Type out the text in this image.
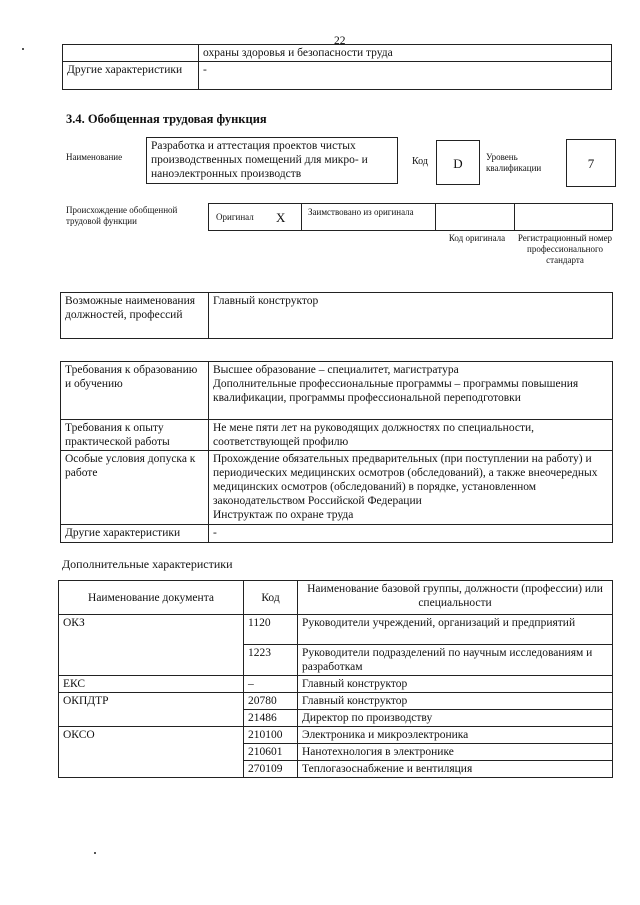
22
	охраны здоровья и безопасности труда
Другие характеристики	-
3.4. Обобщенная трудовая функция
Наименование
Разработка и аттестация проектов чистых производственных помещений для микро- и наноэлектронных производств
Код	D	Уровень квалификации	7
Происхождение обобщенной трудовой функции	Оригинал X	Заимствовано из оригинала
Код оригинала	Регистрационный номер профессионального стандарта
Возможные наименования должностей, профессий	Главный конструктор
Требования к образованию и обучению	Высшее образование – специалитет, магистратура
Дополнительные профессиональные программы – программы повышения квалификации, программы профессиональной переподготовки
Требования к опыту практической работы	Не мене пяти лет на руководящих должностях по специальности, соответствующей профилю
Особые условия допуска к работе	Прохождение обязательных предварительных (при поступлении на работу) и периодических медицинских осмотров (обследований), а также внеочередных медицинских осмотров (обследований) в порядке, установленном законодательством Российской Федерации
Инструктаж по охране труда
Другие характеристики	-
Дополнительные характеристики
Наименование документа	Код	Наименование базовой группы, должности (профессии) или специальности
ОКЗ	1120	Руководители учреждений, организаций и предприятий
	1223	Руководители подразделений по научным исследованиям и разработкам
ЕКС	–	Главный конструктор
ОКПДТР	20780	Главный конструктор
	21486	Директор по производству
ОКСО	210100	Электроника и микроэлектроника
	210601	Нанотехнология в электронике
	270109	Теплогазоснабжение и вентиляция
